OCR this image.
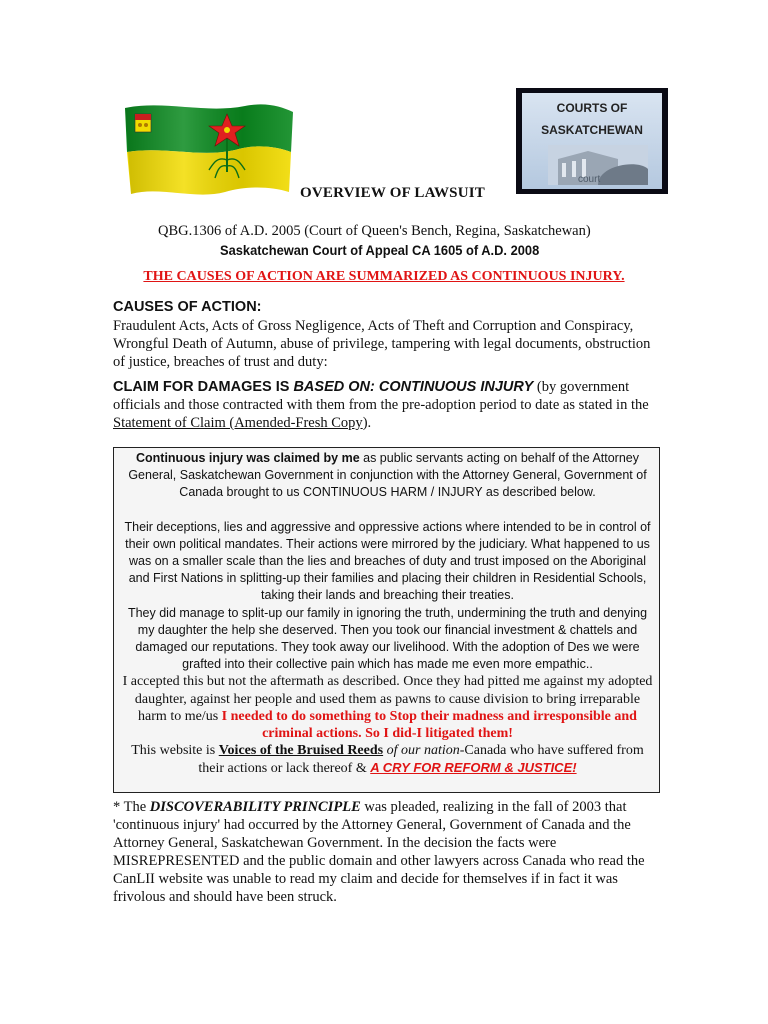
COURTS OF
SASKATCHEWAN
court
OVERVIEW OF LAWSUIT
QBG.1306 of A.D. 2005 (Court of Queen's Bench, Regina, Saskatchewan)
Saskatchewan Court of Appeal CA 1605 of A.D. 2008
THE CAUSES OF ACTION ARE SUMMARIZED AS CONTINUOUS INJURY.
CAUSES OF ACTION:
Fraudulent Acts, Acts of Gross Negligence, Acts of Theft and Corruption and Conspiracy, Wrongful Death of Autumn, abuse of privilege, tampering with legal documents, obstruction of justice, breaches of trust and duty:
CLAIM FOR DAMAGES IS BASED ON: CONTINUOUS INJURY (by government officials and those contracted with them from the pre-adoption period to date as stated in the Statement of Claim (Amended-Fresh Copy).
Continuous injury was claimed by me as public servants acting on behalf of the Attorney General, Saskatchewan Government in conjunction with the Attorney General, Government of Canada brought to us CONTINUOUS HARM / INJURY as described below.
Their deceptions, lies and aggressive and oppressive actions where intended to be in control of their own political mandates. Their actions were mirrored by the judiciary. What happened to us was on a smaller scale than the lies and breaches of duty and trust imposed on the Aboriginal and First Nations in splitting-up their families and placing their children in Residential Schools, taking their lands and breaching their treaties.
They did manage to split-up our family in ignoring the truth, undermining the truth and denying my daughter the help she deserved. Then you took our financial investment & chattels and damaged our reputations. They took away our livelihood. With the adoption of Des we were grafted into their collective pain which has made me even more empathic..
I accepted this but not the aftermath as described. Once they had pitted me against my adopted daughter, against her people and used them as pawns to cause division to bring irreparable harm to me/us I needed to do something to Stop their madness and irresponsible and criminal actions. So I did-I litigated them!
This website is Voices of the Bruised Reeds of our nation-Canada who have suffered from their actions or lack thereof & A CRY FOR REFORM & JUSTICE!
* The DISCOVERABILITY PRINCIPLE was pleaded, realizing in the fall of 2003 that 'continuous injury' had occurred by the Attorney General, Government of Canada and the Attorney General, Saskatchewan Government. In the decision the facts were MISREPRESENTED and the public domain and other lawyers across Canada who read the CanLII website was unable to read my claim and decide for themselves if in fact it was frivolous and should have been struck.
